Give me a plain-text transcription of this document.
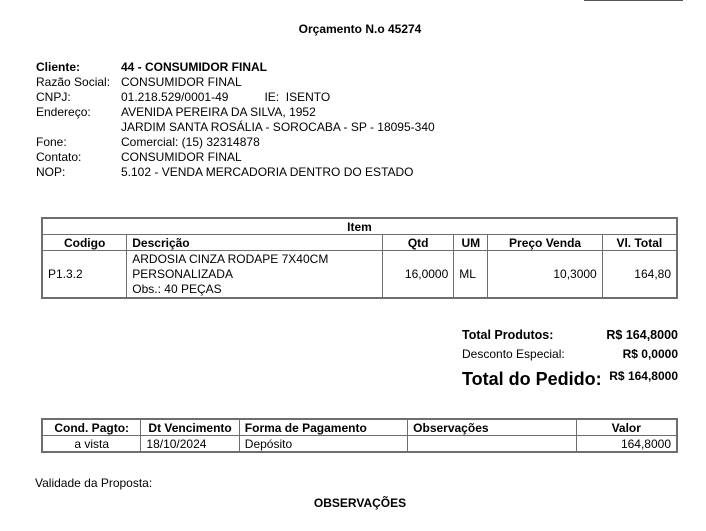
Orçamento N.o 45274
Cliente:	44 - CONSUMIDOR FINAL
Razão Social: CONSUMIDOR FINAL
CNPJ:	01.218.529/0001-49	IE: ISENTO
Endereço:	AVENIDA PEREIRA DA SILVA, 1952
JARDIM SANTA ROSÁLIA - SOROCABA - SP - 18095-340
Fone:	Comercial: (15) 32314878
Contato:	CONSUMIDOR FINAL
NOP:	5.102 - VENDA MERCADORIA DENTRO DO ESTADO
Item					
Codigo	Descrição	Qtd	UM	Preço Venda	Vl. Total
P1.3.2	ARDOSIA CINZA RODAPE 7X40CM
PERSONALIZADA
Obs.: 40 PEÇAS	16,0000	ML	10,3000	164,80
Total Produtos:	R$ 164,8000
Desconto Especial:	R$ 0,0000
Total do Pedido: R$ 164,8000
Cond. Pagto:	Dt Vencimento	Forma de Pagamento	Observações	Valor
a vista	18/10/2024	Depósito		164,8000
Validade da Proposta:
OBSERVAÇÕES
